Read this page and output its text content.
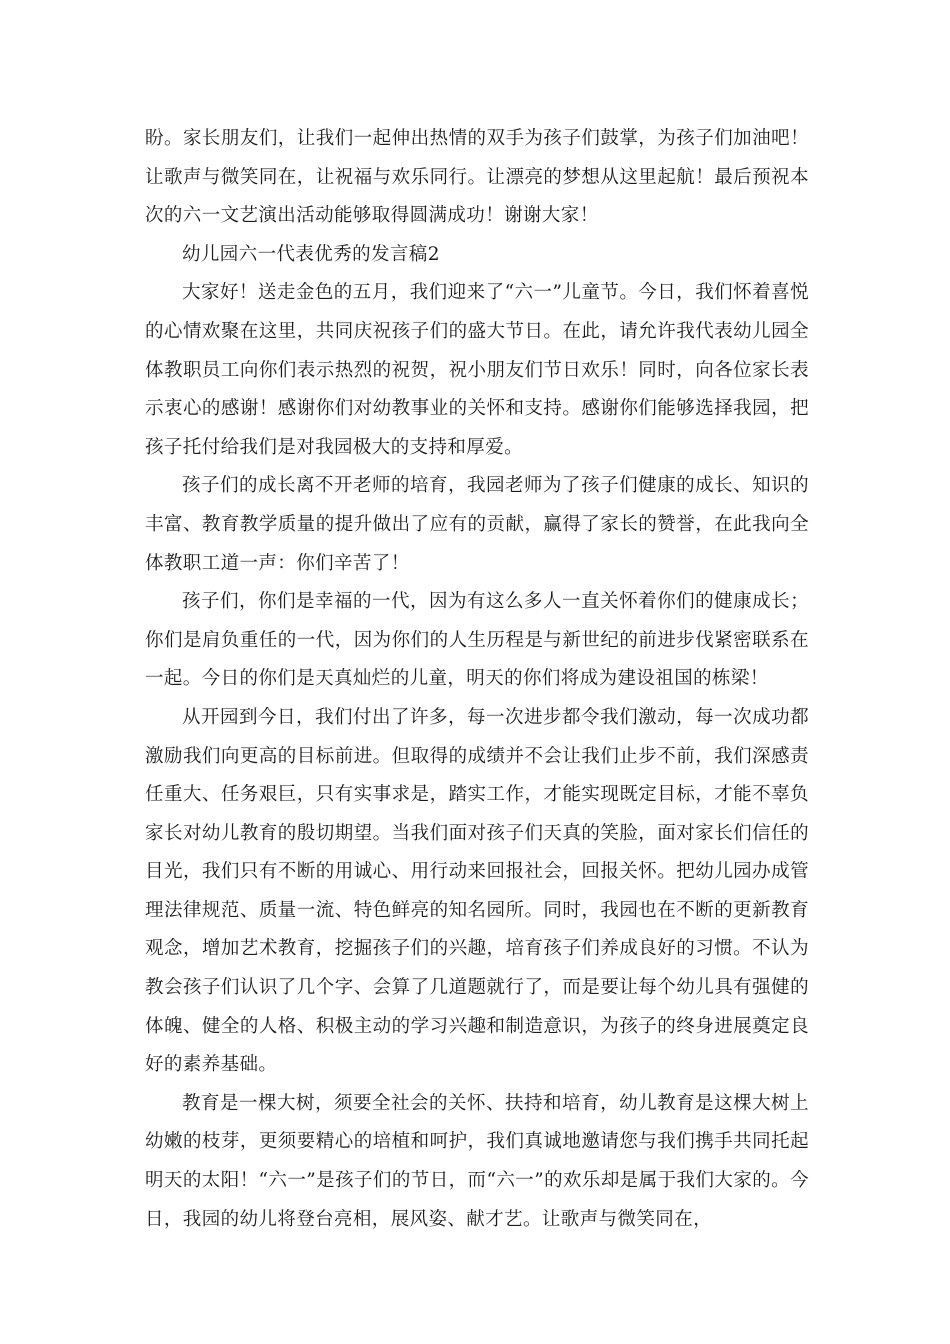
盼。家长朋友们，让我们一起伸出热情的双手为孩子们鼓掌，为孩子们加油吧！让歌声与微笑同在，让祝福与欢乐同行。让漂亮的梦想从这里起航！最后预祝本次的六一文艺演出活动能够取得圆满成功！谢谢大家！

幼儿园六一代表优秀的发言稿2

大家好！送走金色的五月，我们迎来了“六一”儿童节。今日，我们怀着喜悦的心情欢聚在这里，共同庆祝孩子们的盛大节日。在此，请允许我代表幼儿园全体教职员工向你们表示热烈的祝贺，祝小朋友们节日欢乐！同时，向各位家长表示衷心的感谢！感谢你们对幼教事业的关怀和支持。感谢你们能够选择我园，把孩子托付给我们是对我园极大的支持和厚爱。

孩子们的成长离不开老师的培育，我园老师为了孩子们健康的成长、知识的丰富、教育教学质量的提升做出了应有的贡献，赢得了家长的赞誉，在此我向全体教职工道一声：你们辛苦了！

孩子们，你们是幸福的一代，因为有这么多人一直关怀着你们的健康成长；你们是肩负重任的一代，因为你们的人生历程是与新世纪的前进步伐紧密联系在一起。今日的你们是天真灿烂的儿童，明天的你们将成为建设祖国的栋梁！

从开园到今日，我们付出了许多，每一次进步都令我们激动，每一次成功都激励我们向更高的目标前进。但取得的成绩并不会让我们止步不前，我们深感责任重大、任务艰巨，只有实事求是，踏实工作，才能实现既定目标，才能不辜负家长对幼儿教育的殷切期望。当我们面对孩子们天真的笑脸，面对家长们信任的目光，我们只有不断的用诚心、用行动来回报社会，回报关怀。把幼儿园办成管理法律规范、质量一流、特色鲜亮的知名园所。同时，我园也在不断的更新教育观念，增加艺术教育，挖掘孩子们的兴趣，培育孩子们养成良好的习惯。不认为教会孩子们认识了几个字、会算了几道题就行了，而是要让每个幼儿具有强健的体魄、健全的人格、积极主动的学习兴趣和制造意识，为孩子的终身进展奠定良好的素养基础。

教育是一棵大树，须要全社会的关怀、扶持和培育，幼儿教育是这棵大树上幼嫩的枝芽，更须要精心的培植和呵护，我们真诚地邀请您与我们携手共同托起明天的太阳！“六一”是孩子们的节日，而“六一”的欢乐却是属于我们大家的。今日，我园的幼儿将登台亮相，展风姿、献才艺。让歌声与微笑同在，
